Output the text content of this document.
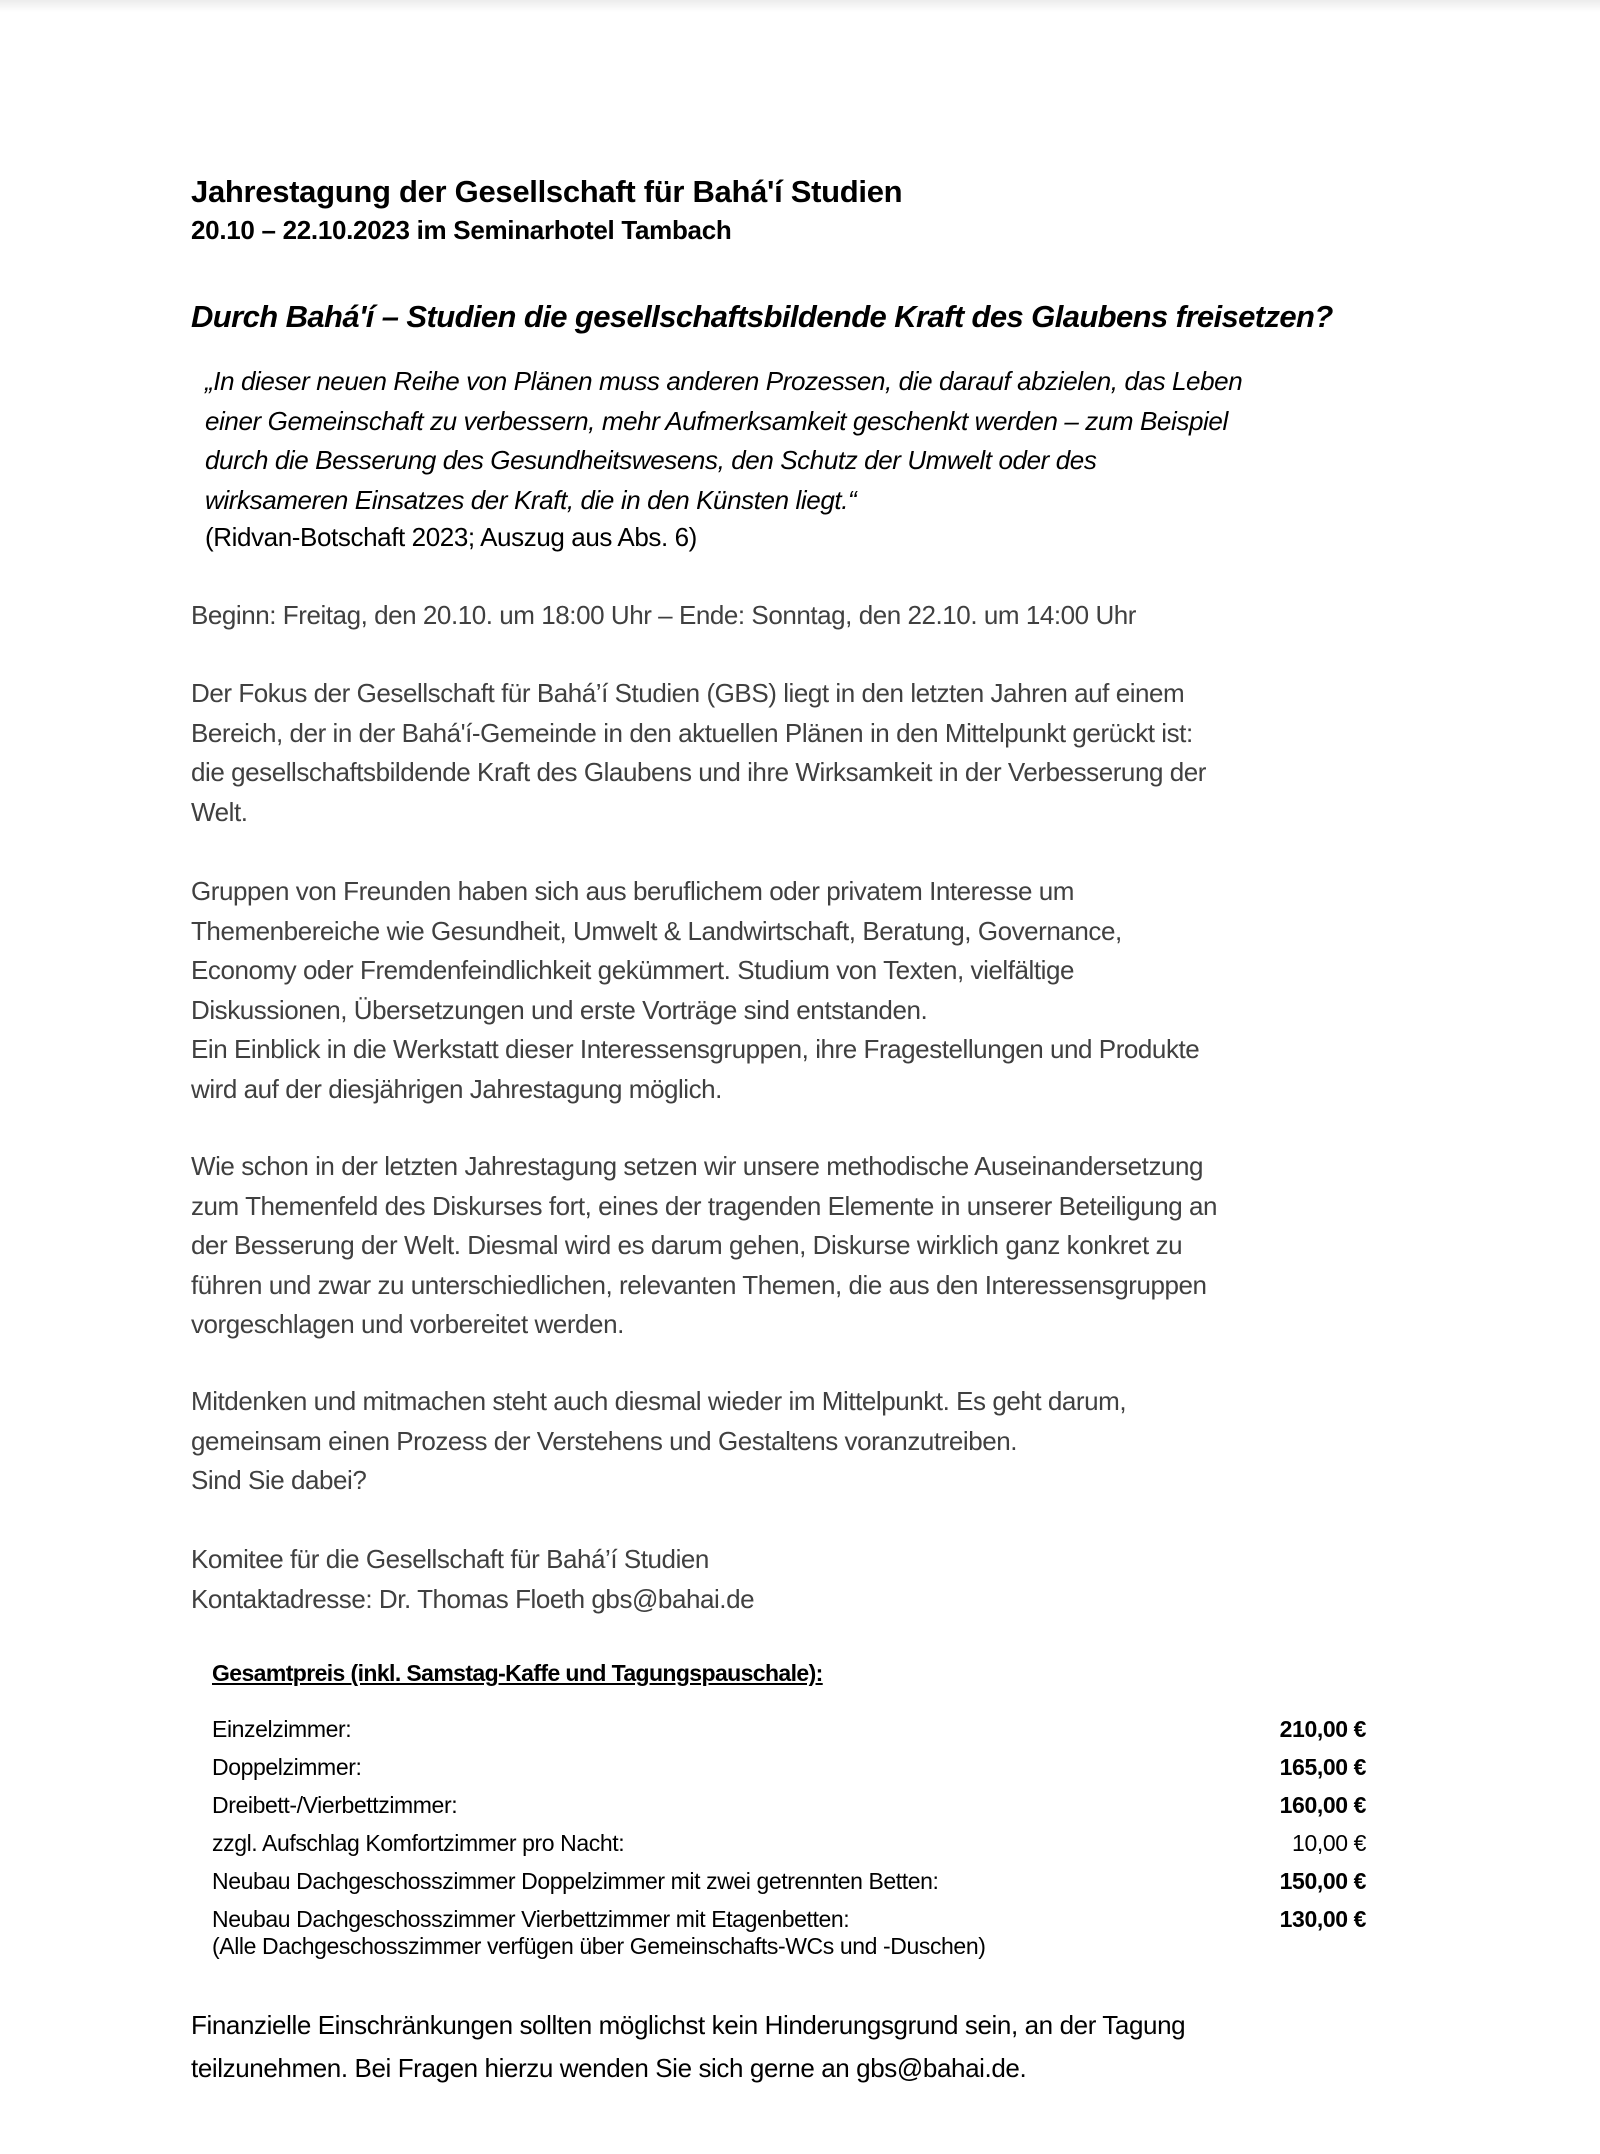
Jahrestagung der Gesellschaft für Bahá'í Studien
20.10 – 22.10.2023 im Seminarhotel Tambach
Durch Bahá'í – Studien die gesellschaftsbildende Kraft des Glaubens freisetzen?
„In dieser neuen Reihe von Plänen muss anderen Prozessen, die darauf abzielen, das Leben
einer Gemeinschaft zu verbessern, mehr Aufmerksamkeit geschenkt werden – zum Beispiel
durch die Besserung des Gesundheitswesens, den Schutz der Umwelt oder des
wirksameren Einsatzes der Kraft, die in den Künsten liegt.“
(Ridvan-Botschaft 2023; Auszug aus Abs. 6)
Beginn: Freitag, den 20.10. um 18:00 Uhr – Ende: Sonntag, den 22.10. um 14:00 Uhr
Der Fokus der Gesellschaft für Bahá’í Studien (GBS) liegt in den letzten Jahren auf einem
Bereich, der in der Bahá'í-Gemeinde in den aktuellen Plänen in den Mittelpunkt gerückt ist:
die gesellschaftsbildende Kraft des Glaubens und ihre Wirksamkeit in der Verbesserung der
Welt.
Gruppen von Freunden haben sich aus beruflichem oder privatem Interesse um
Themenbereiche wie Gesundheit, Umwelt & Landwirtschaft, Beratung, Governance,
Economy oder Fremdenfeindlichkeit gekümmert. Studium von Texten, vielfältige
Diskussionen, Übersetzungen und erste Vorträge sind entstanden.
Ein Einblick in die Werkstatt dieser Interessensgruppen, ihre Fragestellungen und Produkte
wird auf der diesjährigen Jahrestagung möglich.
Wie schon in der letzten Jahrestagung setzen wir unsere methodische Auseinandersetzung
zum Themenfeld des Diskurses fort, eines der tragenden Elemente in unserer Beteiligung an
der Besserung der Welt. Diesmal wird es darum gehen, Diskurse wirklich ganz konkret zu
führen und zwar zu unterschiedlichen, relevanten Themen, die aus den Interessensgruppen
vorgeschlagen und vorbereitet werden.
Mitdenken und mitmachen steht auch diesmal wieder im Mittelpunkt. Es geht darum,
gemeinsam einen Prozess der Verstehens und Gestaltens voranzutreiben.
Sind Sie dabei?
Komitee für die Gesellschaft für Bahá’í Studien
Kontaktadresse: Dr. Thomas Floeth gbs@bahai.de
Gesamtpreis (inkl. Samstag-Kaffe und Tagungspauschale):
Einzelzimmer:	210,00 €
Doppelzimmer:	165,00 €
Dreibett-/Vierbettzimmer:	160,00 €
zzgl. Aufschlag Komfortzimmer pro Nacht:	10,00 €
Neubau Dachgeschosszimmer Doppelzimmer mit zwei getrennten Betten:	150,00 €
Neubau Dachgeschosszimmer Vierbettzimmer mit Etagenbetten:	130,00 €
(Alle Dachgeschosszimmer verfügen über Gemeinschafts-WCs und -Duschen)
Finanzielle Einschränkungen sollten möglichst kein Hinderungsgrund sein, an der Tagung
teilzunehmen. Bei Fragen hierzu wenden Sie sich gerne an gbs@bahai.de.
